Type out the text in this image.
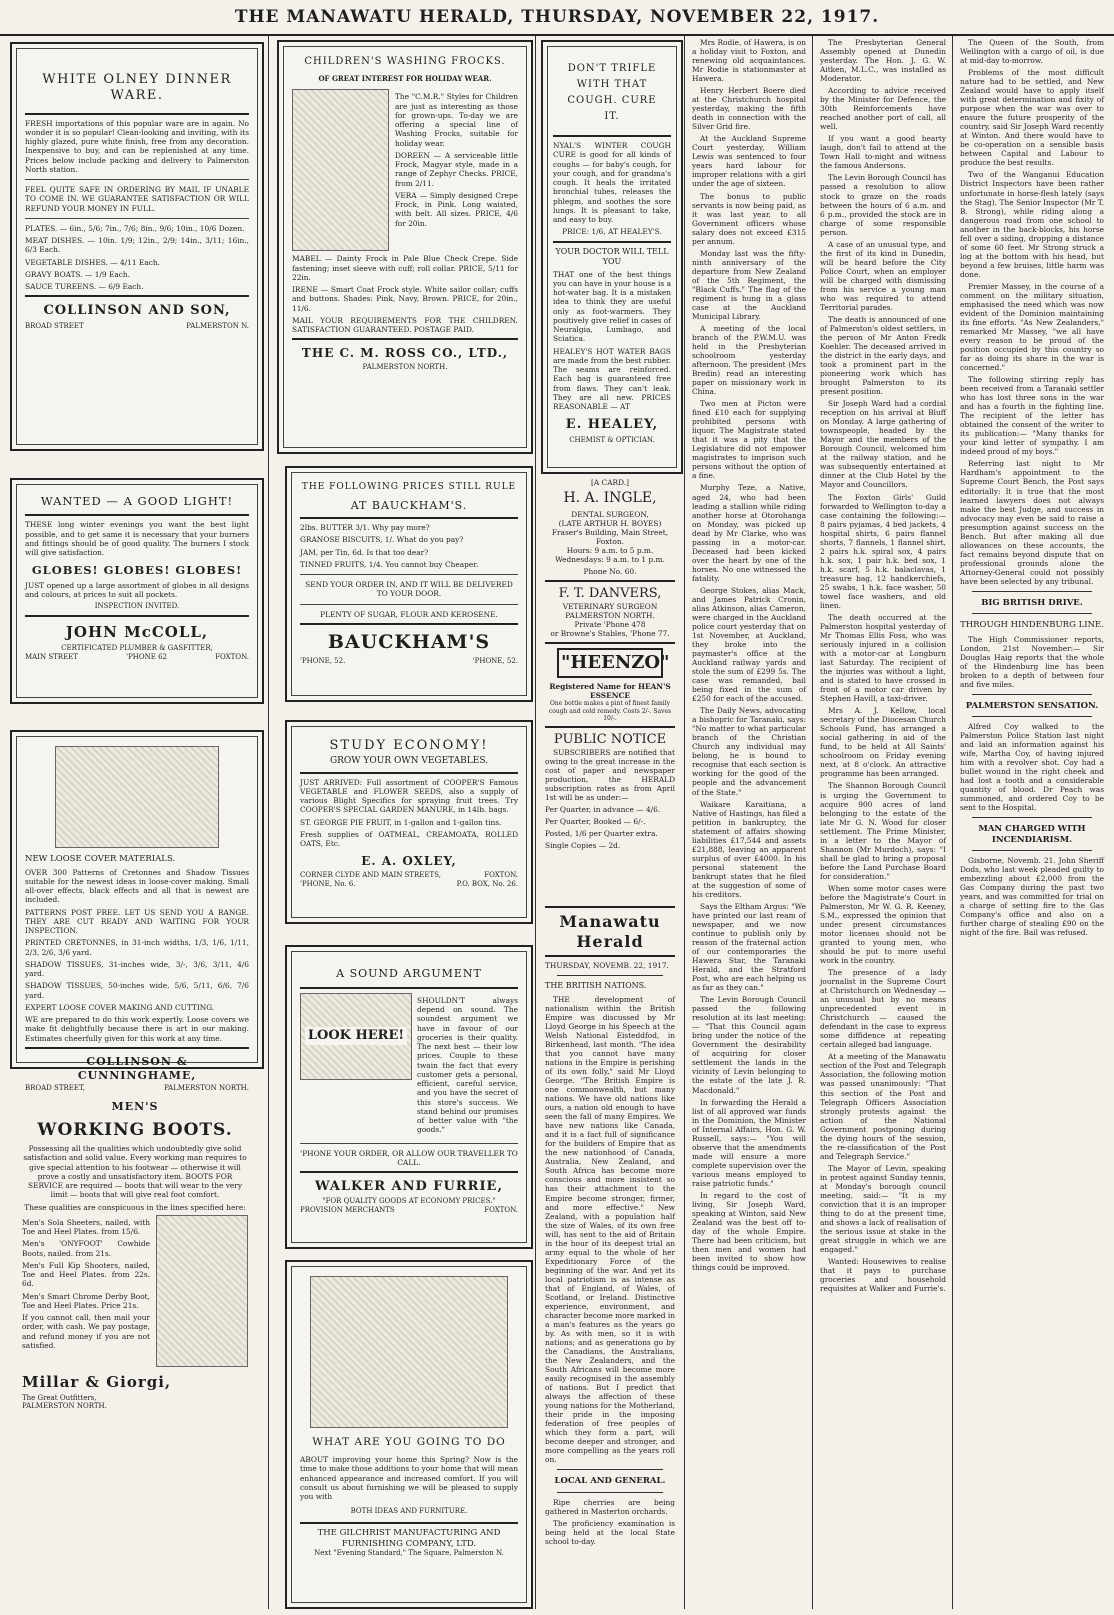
THE MANAWATU HERALD, THURSDAY, NOVEMBER 22, 1917.
WHITE OLNEY DINNER WARE.

FRESH importations of this popular ware are in again. No wonder it is so popular! Clean-looking and inviting, with its highly glazed, pure white finish, free from any decoration. Inexpensive to buy, and can be replenished at any time. Prices below include packing and delivery to Palmerston North station.

FEEL QUITE SAFE IN ORDERING BY MAIL IF UNABLE TO COME IN. WE GUARANTEE SATISFACTION OR WILL REFUND YOUR MONEY IN FULL.

PLATES. — 6in., 5/6; 7in., 7/6; 8in., 9/6; 10in., 10/6 Dozen.

MEAT DISHES. — 10in. 1/9; 12in., 2/9; 14in., 3/11; 16in., 6/3 Each.

VEGETABLE DISHES. — 4/11 Each.

GRAVY BOATS. — 1/9 Each.

SAUCE TUREENS. — 6/9 Each.

COLLINSON AND SON,
BROAD STREET	PALMERSTON N.
WANTED — A GOOD LIGHT!

THESE long winter evenings you want the best light possible, and to get same it is necessary that your burners and fittings should be of good quality. The burners I stock will give satisfaction.

GLOBES! GLOBES! GLOBES!

JUST opened up a large assortment of globes in all designs and colours, at prices to suit all pockets.

INSPECTION INVITED.
JOHN McCOLL,
CERTIFICATED PLUMBER & GASFITTER,
MAIN STREET	'PHONE 62	FOXTON.

NEW LOOSE COVER MATERIALS.

OVER 300 Patterns of Cretonnes and Shadow Tissues suitable for the newest ideas in loose-cover making. Small all-over effects, black effects and all that is newest are included.

PATTERNS POST FREE. LET US SEND YOU A RANGE. THEY ARE CUT READY AND WAITING FOR YOUR INSPECTION.

PRINTED CRETONNES, in 31-inch widths, 1/3, 1/6, 1/11, 2/3, 2/6, 3/6 yard.

SHADOW TISSUES, 31-inches wide, 3/-, 3/6, 3/11, 4/6 yard.

SHADOW TISSUES, 50-inches wide, 5/6, 5/11, 6/6, 7/6 yard.

EXPERT LOOSE COVER MAKING AND CUTTING.

WE are prepared to do this work expertly. Loose covers we make fit delightfully because there is art in our making. Estimates cheerfully given for this work at any time.

COLLINSON & CUNNINGHAME,
BROAD STREET,	PALMERSTON NORTH.
MEN'S
WORKING BOOTS.

Possessing all the qualities which undoubtedly give solid satisfaction and solid value. Every working man requires to give special attention to his footwear — otherwise it will prove a costly and unsatisfactory item. BOOTS FOR SERVICE are required — boots that will wear to the very limit — boots that will give real foot comfort.

These qualities are conspicuous in the lines specified here:

Men's Sola Sheeters, nailed, with Toe and Heel Plates. from 15/6.

Men's 'ONYFOOT' Cowhide Boots, nailed. from 21s.

Men's Full Kip Shooters, nailed, Toe and Heel Plates. from 22s. 6d.

Men's Smart Chrome Derby Boot, Toe and Heel Plates. Price 21s.

If you cannot call, then mail your order, with cash. We pay postage, and refund money if you are not satisfied.

Millar & Giorgi,
The Great Outfitters,
PALMERSTON NORTH.
CHILDREN'S WASHING FROCKS.
OF GREAT INTEREST FOR HOLIDAY WEAR.

The "C.M.R." Styles for Children are just as interesting as those for grown-ups. To-day we are offering a special line of Washing Frocks, suitable for holiday wear.

DOREEN — A serviceable little Frock, Magyar style, made in a range of Zephyr Checks. PRICE, from 2/11.

VERA — Simply designed Crepe Frock, in Pink. Long waisted, with belt. All sizes. PRICE, 4/6 for 20in.

MABEL — Dainty Frock in Pale Blue Check Crepe. Side fastening; inset sleeve with cuff; roll collar. PRICE, 5/11 for 22in.

IRENE — Smart Coat Frock style. White sailor collar; cuffs and buttons. Shades: Pink, Navy, Brown. PRICE, for 20in., 11/6.

MAIL YOUR REQUIREMENTS FOR THE CHILDREN. SATISFACTION GUARANTEED. POSTAGE PAID.

THE C. M. ROSS CO., LTD.,
PALMERSTON NORTH.
THE FOLLOWING PRICES STILL RULE
AT BAUCKHAM'S.

2lbs. BUTTER 3/1. Why pay more?

GRANOSE BISCUITS, 1/. What do you pay?

JAM, per Tin, 6d. Is that too dear?

TINNED FRUITS, 1/4. You cannot buy Cheaper.

SEND YOUR ORDER IN, AND IT WILL BE DELIVERED TO YOUR DOOR.

PLENTY OF SUGAR, FLOUR AND KEROSENE.

BAUCKHAM'S
'PHONE, 52.	'PHONE, 52.
STUDY ECONOMY!
GROW YOUR OWN VEGETABLES.

JUST ARRIVED: Full assortment of COOPER'S Famous VEGETABLE and FLOWER SEEDS, also a supply of various Blight Specifics for spraying fruit trees. Try COOPER'S SPECIAL GARDEN MANURE, in 14lb. bags.

ST. GEORGE PIE FRUIT, in 1-gallon and 1-gallon tins.

Fresh supplies of OATMEAL, CREAMOATA, ROLLED OATS, Etc.

E. A. OXLEY,
CORNER CLYDE AND MAIN STREETS,	FOXTON.
'PHONE, No. 6.	P.O. BOX, No. 26.
A SOUND ARGUMENT
LOOK HERE!

SHOULDN'T always depend on sound. The soundest argument we have in favour of our groceries is their quality. The next best — their low prices. Couple to these twain the fact that every customer gets a personal, efficient, careful service, and you have the secret of this store's success. We stand behind our promises of better value with "the goods."

'PHONE YOUR ORDER, OR ALLOW OUR TRAVELLER TO CALL.

WALKER AND FURRIE,
"FOR QUALITY GOODS AT ECONOMY PRICES."
PROVISION MERCHANTS	FOXTON.
WHAT ARE YOU GOING TO DO

ABOUT improving your home this Spring? Now is the time to make those additions to your home that will mean enhanced appearance and increased comfort. If you will consult us about furnishing we will be pleased to supply you with

BOTH IDEAS AND FURNITURE.
THE GILCHRIST MANUFACTURING AND FURNISHING COMPANY, LTD.
Next "Evening Standard," The Square, Palmerston N.
DON'T TRIFLE WITH THAT COUGH. CURE IT.

NYAL'S WINTER COUGH CURE is good for all kinds of coughs — for baby's cough, for your cough, and for grandma's cough. It heals the irritated bronchial tubes, releases the phlegm, and soothes the sore lungs. It is pleasant to take, and easy to buy.

PRICE: 1/6, AT HEALEY'S.

YOUR DOCTOR WILL TELL YOU

THAT one of the best things you can have in your house is a hot-water bag. It is a mistaken idea to think they are useful only as foot-warmers. They positively give relief in cases of Neuralgia, Lumbago, and Sciatica.

HEALEY'S HOT WATER BAGS are made from the best rubber. The seams are reinforced. Each bag is guaranteed free from flaws. They can't leak. They are all new. PRICES REASONABLE — AT

E. HEALEY,
CHEMIST & OPTICIAN.
[A CARD.]
H. A. INGLE,
DENTAL SURGEON,
(LATE ARTHUR H. BOYES)
Fraser's Building, Main Street, Foxton.

Hours: 9 a.m. to 5 p.m. Wednesdays: 9 a.m. to 1 p.m.

Phone No. 60.
F. T. DANVERS,
VETERINARY SURGEON
PALMERSTON NORTH.
Private 'Phone 478
or Browne's Stables, 'Phone 77.
"HEENZO"
Registered Name for HEAN'S ESSENCE
One bottle makes a pint of finest family cough and cold remedy. Costs 2/-. Saves 10/-.
PUBLIC NOTICE

SUBSCRIBERS are notified that owing to the great increase in the cost of paper and newspaper production, the HERALD subscription rates as from April 1st will be as under:—

Per Quarter, in advance — 4/6.

Per Quarter, Booked — 6/-.

Posted, 1/6 per Quarter extra.

Single Copies — 2d.

Manawatu Herald
THURSDAY, NOVEMB. 22, 1917.
THE BRITISH NATIONS.

THE development of nationalism within the British Empire was discussed by Mr Lloyd George in his Speech at the Welsh National Eisteddfod, in Birkenhead, last month. "The idea that you cannot have many nations in the Empire is perishing of its own folly," said Mr Lloyd George. "The British Empire is one commonwealth, but many nations. We have old nations like ours, a nation old enough to have seen the fall of many Empires. We have new nations like Canada, and it is a fact full of significance for the builders of Empire that as the new nationhood of Canada, Australia, New Zealand, and South Africa has become more conscious and more insistent so has their attachment to the Empire become stronger, firmer, and more effective." New Zealand, with a population half the size of Wales, of its own free will, has sent to the aid of Britain in the hour of its deepest trial an army equal to the whole of her Expeditionary Force of the beginning of the war. And yet its local patriotism is as intense as that of England, of Wales, of Scotland, or Ireland. Distinctive experience, environment, and character become more marked in a man's features as the years go by. As with men, so it is with nations; and as generations go by the Canadians, the Australians, the New Zealanders, and the South Africans will become more easily recognised in the assembly of nations. But I predict that always the affection of these young nations for the Motherland, their pride in the imposing federation of free peoples of which they form a part, will become deeper and stronger, and more compelling as the years roll on.

LOCAL AND GENERAL.

Ripe cherries are being gathered in Masterton orchards.

The proficiency examination is being held at the local State school to-day.

Mrs Rodie, of Hawera, is on a holiday visit to Foxton, and renewing old acquaintances. Mr Rodie is stationmaster at Hawera.

Henry Herbert Boere died at the Christchurch hospital yesterday, making the fifth death in connection with the Silver Grid fire.

At the Auckland Supreme Court yesterday, William Lewis was sentenced to four years hard labour for improper relations with a girl under the age of sixteen.

The bonus to public servants is now being paid, as it was last year, to all Government officers whose salary does not exceed £315 per annum.

Monday last was the fifty-ninth anniversary of the departure from New Zealand of the 5th Regiment, the "Black Cuffs." The flag of the regiment is hung in a glass case at the Auckland Municipal Library.

A meeting of the local branch of the P.W.M.U. was held in the Presbyterian schoolroom yesterday afternoon. The president (Mrs Bredin) read an interesting paper on missionary work in China.

Two men at Picton were fined £10 each for supplying prohibited persons with liquor. The Magistrate stated that it was a pity that the Legislature did not empower magistrates to imprison such persons without the option of a fine.

Murphy Teze, a Native, aged 24, who had been leading a stallion while riding another horse at Otorohanga on Monday, was picked up dead by Mr Clarke, who was passing in a motor-car. Deceased had been kicked over the heart by one of the horses. No one witnessed the fatality.

George Stokes, alias Mack, and James Patrick Cronin, alias Atkinson, alias Cameron, were charged in the Auckland police court yesterday that on 1st November, at Auckland, they broke into the paymaster's office at the Auckland railway yards and stole the sum of £299 5s. The case was remanded, bail being fixed in the sum of £250 for each of the accused.

The Daily News, advocating a bishopric for Taranaki, says: "No matter to what particular branch of the Christian Church any individual may belong, he is bound to recognise that each section is working for the good of the people and the advancement of the State."

Waikare Karaitiana, a Native of Hastings, has filed a petition in bankruptcy, the statement of affairs showing liabilities £17,544 and assets £21,888, leaving an apparent surplus of over £4000. In his personal statement the bankrupt states that he filed at the suggestion of some of his creditors.

Says the Eltham Argus: "We have printed our last ream of newspaper, and we now continue to publish only by reason of the fraternal action of our contemporaries the Hawera Star, the Taranaki Herald, and the Stratford Post, who are each helping us as far as they can."

The Levin Borough Council passed the following resolution at its last meeting:— "That this Council again bring under the notice of the Government the desirability of acquiring for closer settlement the lands in the vicinity of Levin belonging to the estate of the late J. R. Macdonald."

In forwarding the Herald a list of all approved war funds in the Dominion, the Minister of Internal Affairs, Hon. G. W. Russell, says:— "You will observe that the amendments made will ensure a more complete supervision over the various means employed to raise patriotic funds."

In regard to the cost of living, Sir Joseph Ward, speaking at Winton, said New Zealand was the best off to-day of the whole Empire. There had been criticism, but then men and women had been invited to show how things could be improved.

The Presbyterian General Assembly opened at Dunedin yesterday. The Hon. J. G. W. Aitken, M.L.C., was installed as Moderator.

According to advice received by the Minister for Defence, the 30th Reinforcements have reached another port of call, all well.

If you want a good hearty laugh, don't fail to attend at the Town Hall to-night and witness the famous Andersons.

The Levin Borough Council has passed a resolution to allow stock to graze on the roads between the hours of 6 a.m. and 6 p.m., provided the stock are in charge of some responsible person.

A case of an unusual type, and the first of its kind in Dunedin, will be heard before the City Police Court, when an employer will be charged with dismissing from his service a young man who was required to attend Territorial parades.

The death is announced of one of Palmerston's oldest settlers, in the person of Mr Anton Fredk Koehler. The deceased arrived in the district in the early days, and took a prominent part in the pioneering work which has brought Palmerston to its present position.

Sir Joseph Ward had a cordial reception on his arrival at Bluff on Monday. A large gathering of townspeople, headed by the Mayor and the members of the Borough Council, welcomed him at the railway station, and he was subsequently entertained at dinner at the Club Hotel by the Mayor and Councillors.

The Foxton Girls' Guild forwarded to Wellington to-day a case containing the following:— 8 pairs pyjamas, 4 bed jackets, 4 hospital shirts, 6 pairs flannel shorts, 7 flannels, 1 flannel shirt, 2 pairs h.k. spiral sox, 4 pairs h.k. sox, 1 pair h.k. bed sox, 1 h.k. scarf, 5 h.k. balaclavas, 1 treasure bag, 12 handkerchiefs, 25 swabs, 1 h.k. face washer, 50 towel face washers, and old linen.

The death occurred at the Palmerston hospital yesterday of Mr Thomas Ellis Foss, who was seriously injured in a collision with a motor-car at Longburn last Saturday. The recipient of the injuries was without a light, and is stated to have crossed in front of a motor car driven by Stephen Havill, a taxi-driver.

Mrs A. J. Kellow, local secretary of the Diocesan Church Schools Fund, has arranged a social gathering in aid of the fund, to be held at All Saints' schoolroom on Friday evening next, at 8 o'clock. An attractive programme has been arranged.

The Shannon Borough Council is urging the Government to acquire 900 acres of land belonging to the estate of the late Mr G. N. Wood for closer settlement. The Prime Minister, in a letter to the Mayor of Shannon (Mr Murdoch), says: "I shall be glad to bring a proposal before the Land Purchase Board for consideration."

When some motor cases were before the Magistrate's Court in Palmerston, Mr W. G. R. Keeney, S.M., expressed the opinion that under present circumstances motor licenses should not be granted to young men, who should be put to more useful work in the country.

The presence of a lady journalist in the Supreme Court at Christchurch on Wednesday — an unusual but by no means unprecedented event in Christchurch — caused the defendant in the case to express some diffidence at repeating certain alleged bad language.

At a meeting of the Manawatu section of the Post and Telegraph Association, the following motion was passed unanimously: "That this section of the Post and Telegraph Officers Association strongly protests against the action of the National Government postponing during the dying hours of the session, the re-classification of the Post and Telegraph Service."

The Mayor of Levin, speaking in protest against Sunday tennis, at Monday's borough council meeting, said:— "It is my conviction that it is an improper thing to do at the present time, and shows a lack of realisation of the serious issue at stake in the great struggle in which we are engaged."

Wanted: Housewives to realise that it pays to purchase groceries and household requisites at Walker and Furrie's.

The Queen of the South, from Wellington with a cargo of oil, is due at mid-day to-morrow.

Problems of the most difficult nature had to be settled, and New Zealand would have to apply itself with great determination and fixity of purpose when the war was over to ensure the future prosperity of the country, said Sir Joseph Ward recently at Winton. And there would have to be co-operation on a sensible basis between Capital and Labour to produce the best results.

Two of the Wanganui Education District Inspectors have been rather unfortunate in horse-flesh lately (says the Stag). The Senior Inspector (Mr T. B. Strong), while riding along a dangerous road from one school to another in the back-blocks, his horse fell over a siding, dropping a distance of some 60 feet. Mr Strong struck a log at the bottom with his head, but beyond a few bruises, little harm was done.

Premier Massey, in the course of a comment on the military situation, emphasised the need which was now evident of the Dominion maintaining its fine efforts. "As New Zealanders," remarked Mr Massey, "we all have every reason to be proud of the position occupied by this country so far as doing its share in the war is concerned."

The following stirring reply has been received from a Taranaki settler who has lost three sons in the war and has a fourth in the fighting line. The recipient of the letter has obtained the consent of the writer to its publication:— "Many thanks for your kind letter of sympathy. I am indeed proud of my boys."

Referring last night to Mr Hardham's appointment to the Supreme Court Bench, the Post says editorially: It is true that the most learned lawyers does not always make the best Judge, and success in advocacy may even be said to raise a presumption against success on the Bench. But after making all due allowances on these accounts, the fact remains beyond dispute that on professional grounds alone the Attorney-General could not possibly have been selected by any tribunal.

BIG BRITISH DRIVE.
THROUGH HINDENBURG LINE.

The High Commissioner reports, London, 21st November:— Sir Douglas Haig reports that the whole of the Hindenburg line has been broken to a depth of between four and five miles.

PALMERSTON SENSATION.

Alfred Coy walked to the Palmerston Police Station last night and laid an information against his wife, Martha Coy, of having injured him with a revolver shot. Coy had a bullet wound in the right cheek and had lost a tooth and a considerable quantity of blood. Dr Peach was summoned, and ordered Coy to be sent to the Hospital.

MAN CHARGED WITH INCENDIARISM.

Gisborne, Novemb. 21. John Sheriff Dods, who last week pleaded guilty to embezzling about £2,000 from the Gas Company during the past two years, and was committed for trial on a charge of setting fire to the Gas Company's office and also on a further charge of stealing £90 on the night of the fire. Bail was refused.
